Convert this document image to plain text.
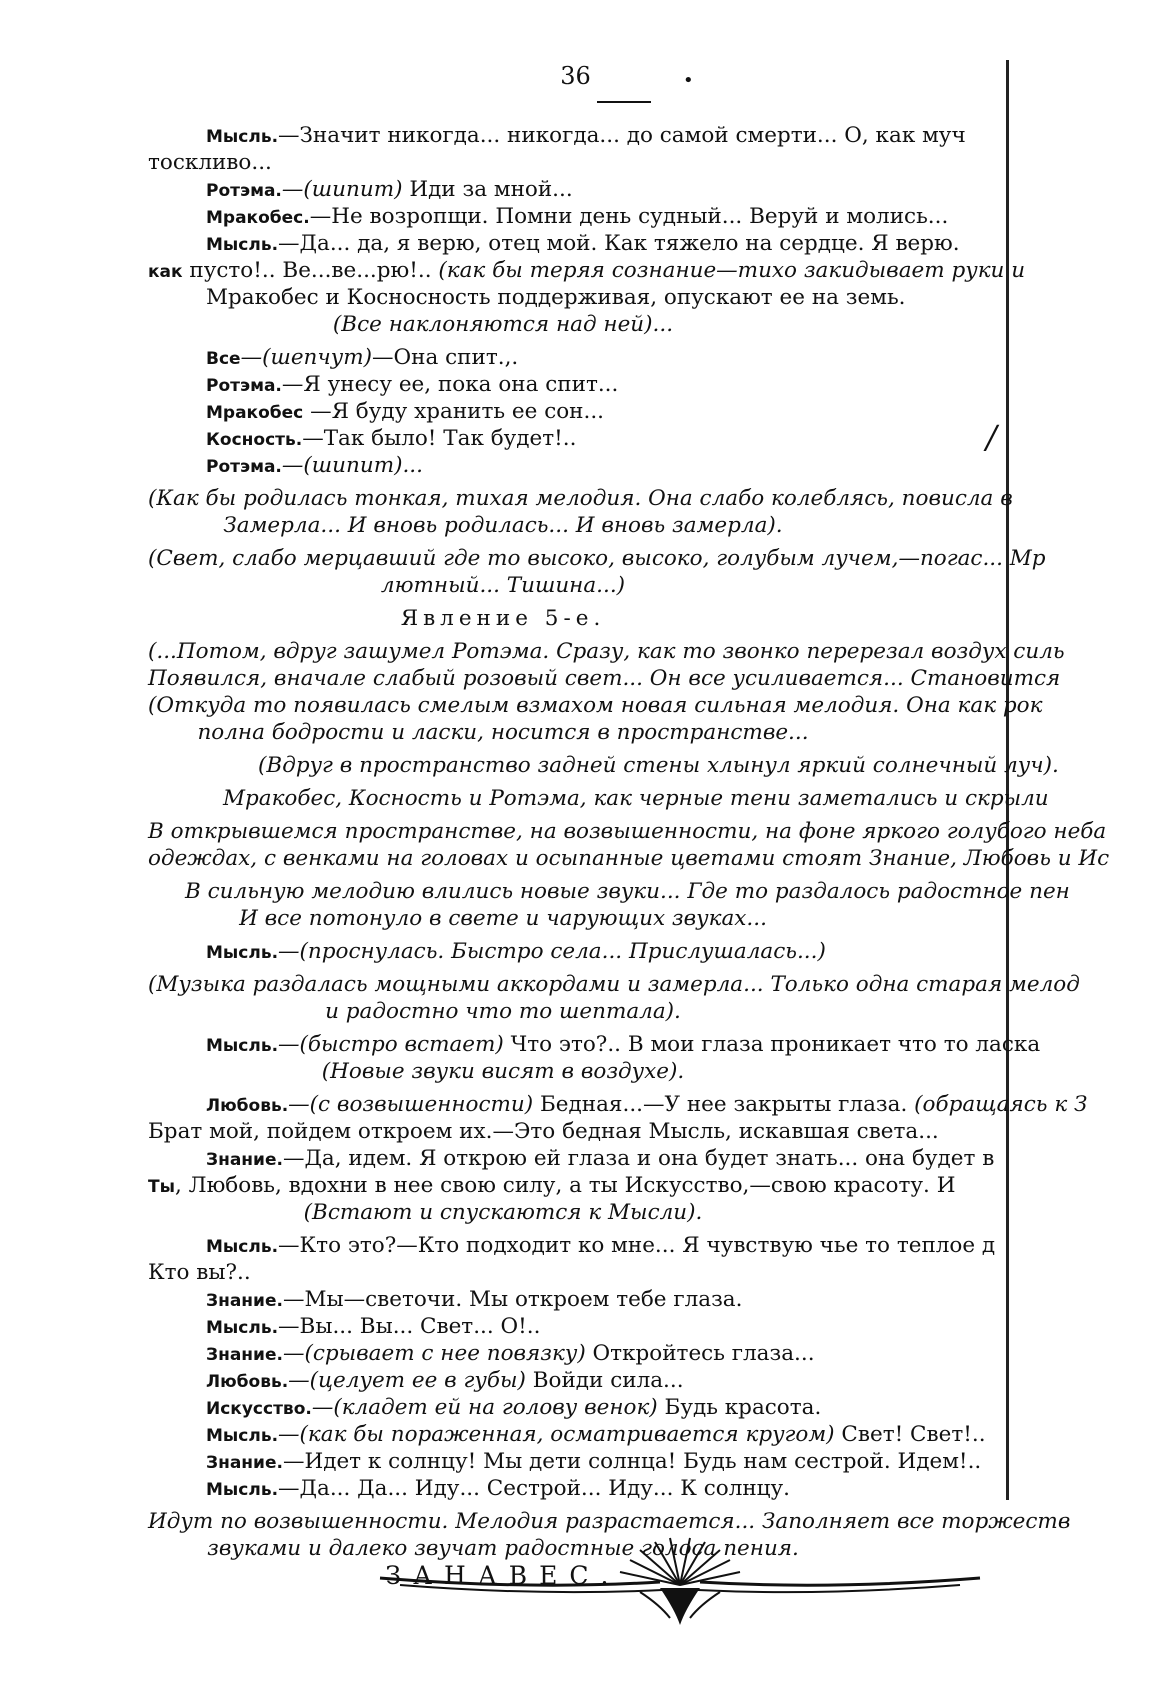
36	•
/
Мысль.—Значит никогда... никогда... до самой смерти... О, как муч
тоскливо...
Ротэма.—(шипит) Иди за мной...
Мракобес.—Не возропщи. Помни день судный... Веруй и молись...
Мысль.—Да... да, я верю, отец мой. Как тяжело на сердце. Я верю.
как пусто!.. Ве...ве...рю!.. (как бы теряя сознание—тихо закидывает руки и
Мракобес и Косносность поддерживая, опускают ее на земь.
(Все наклоняются над ней)...
Все—(шепчут)—Она спит.,.
Ротэма.—Я унесу ее, пока она спит...
Мракобес —Я буду хранить ее сон...
Косность.—Так было! Так будет!..
Ротэма.—(шипит)...
(Как бы родилась тонкая, тихая мелодия. Она слабо колеблясь, повисла в
Замерла... И вновь родилась... И вновь замерла).
(Свет, слабо мерцавший где то высоко, высоко, голубым лучем,—погас... Мр
лютный... Тишина...)
Явление 5-е.
(...Потом, вдруг зашумел Ротэма. Сразу, как то звонко перерезал воздух силь
Появился, вначале слабый розовый свет... Он все усиливается... Становится
(Откуда то появилась смелым взмахом новая сильная мелодия. Она как рок
полна бодрости и ласки, носится в пространстве...
(Вдруг в пространство задней стены хлынул яркий солнечный луч).
Мракобес, Косность и Ротэма, как черные тени заметались и скрыли
В открывшемся пространстве, на возвышенности, на фоне яркого голубого неба
одеждах, с венками на головах и осыпанные цветами стоят Знание, Любовь и Ис
В сильную мелодию влились новые звуки... Где то раздалось радостное пен
И все потонуло в свете и чарующих звуках...
Мысль.—(проснулась. Быстро села... Прислушалась...)
(Музыка раздалась мощными аккордами и замерла... Только одна старая мелод
и радостно что то шептала).
Мысль.—(быстро встает) Что это?.. В мои глаза проникает что то ласка
(Новые звуки висят в воздухе).
Любовь.—(с возвышенности) Бедная...—У нее закрыты глаза. (обращаясь к З
Брат мой, пойдем откроем их.—Это бедная Мысль, искавшая света...
Знание.—Да, идем. Я открою ей глаза и она будет знать... она будет в
Ты, Любовь, вдохни в нее свою силу, а ты Искусство,—свою красоту. И
(Встают и спускаются к Мысли).
Мысль.—Кто это?—Кто подходит ко мне... Я чувствую чье то теплое д
Кто вы?..
Знание.—Мы—светочи. Мы откроем тебе глаза.
Мысль.—Вы... Вы... Свет... О!..
Знание.—(срывает с нее повязку) Откройтесь глаза...
Любовь.—(целует ее в губы) Войди сила...
Искусство.—(кладет ей на голову венок) Будь красота.
Мысль.—(как бы пораженная, осматривается кругом) Свет! Свет!..
Знание.—Идет к солнцу! Мы дети солнца! Будь нам сестрой. Идем!..
Мысль.—Да... Да... Иду... Сестрой... Иду... К солнцу.
Идут по возвышенности. Мелодия разрастается... Заполняет все торжеств
звуками и далеко звучат радостные голоса пения.
ЗАНАВЕС.
